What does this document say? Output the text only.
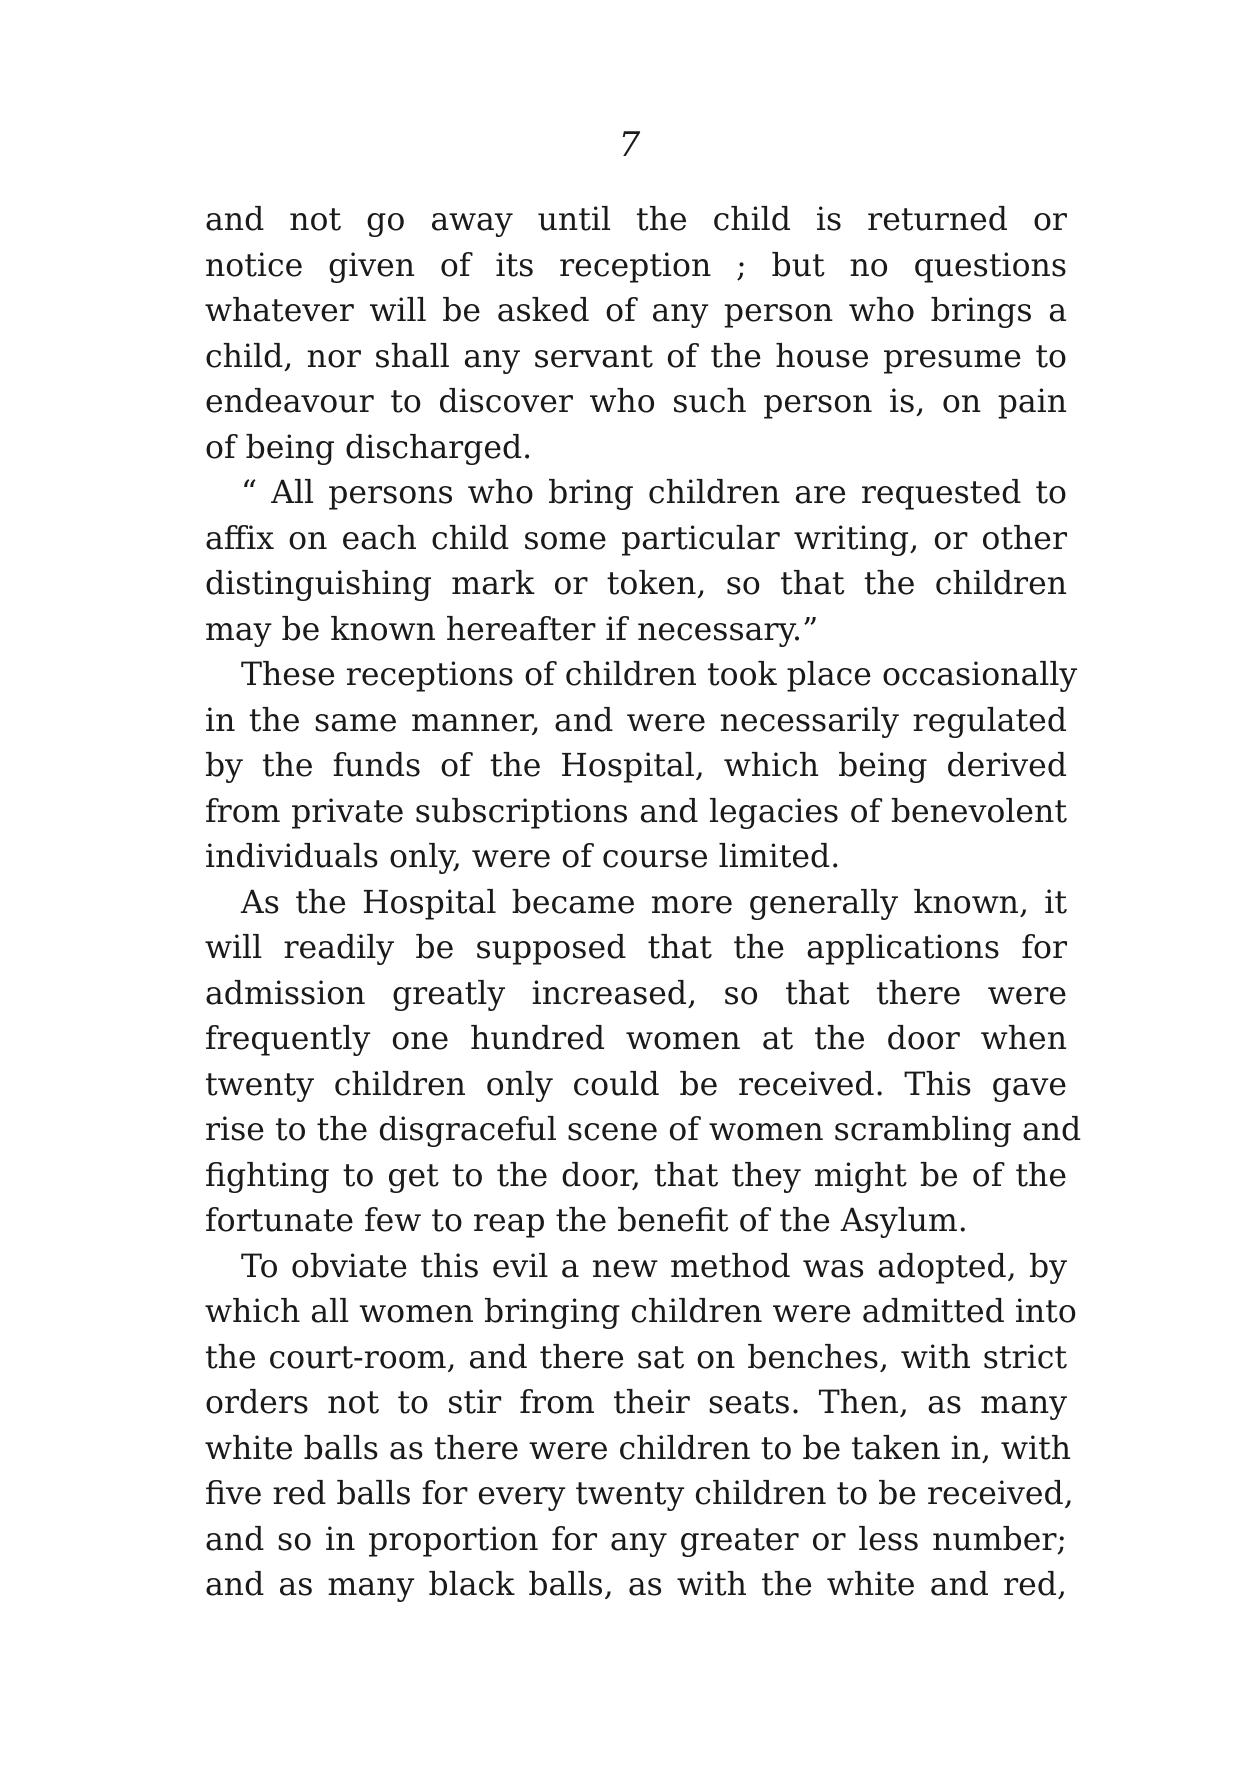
7

and not go away until the child is returned or
notice given of its reception ; but no questions
whatever will be asked of any person who brings a
child, nor shall any servant of the house presume to
endeavour to discover who such person is, on pain
of being discharged.

“ All persons who bring children are requested to
affix on each child some particular writing, or other
distinguishing mark or token, so that the children
may be known hereafter if necessary.”

These receptions of children took place occasionally
in the same manner, and were necessarily regulated
by the funds of the Hospital, which being derived
from private subscriptions and legacies of benevolent
individuals only, were of course limited.

As the Hospital became more generally known, it
will readily be supposed that the applications for
admission greatly increased, so that there were
frequently one hundred women at the door when
twenty children only could be received. This gave
rise to the disgraceful scene of women scrambling and
fighting to get to the door, that they might be of the
fortunate few to reap the benefit of the Asylum.

To obviate this evil a new method was adopted, by
which all women bringing children were admitted into
the court-room, and there sat on benches, with strict
orders not to stir from their seats. Then, as many
white balls as there were children to be taken in, with
five red balls for every twenty children to be received,
and so in proportion for any greater or less number;
and as many black balls, as with the white and red,
